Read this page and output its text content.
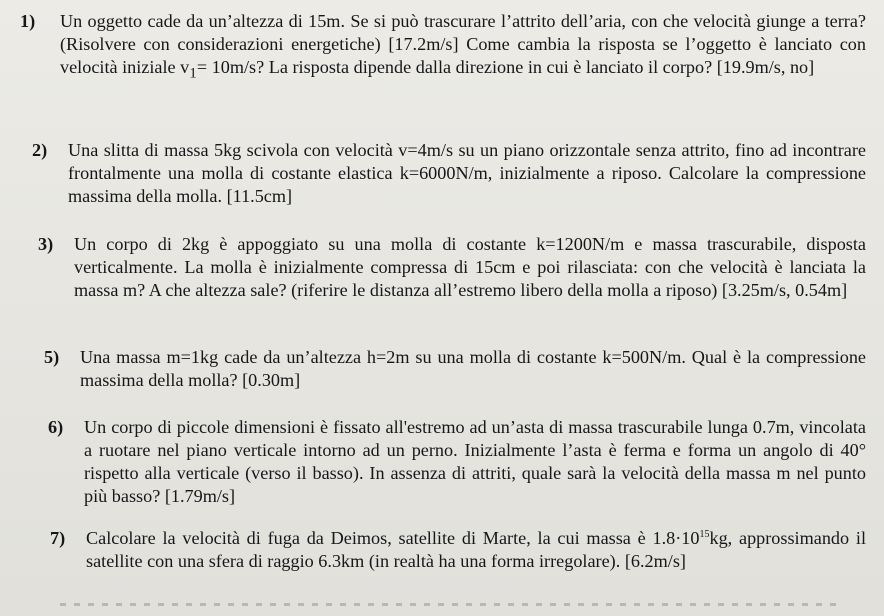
1) Un oggetto cade da un’altezza di 15m. Se si può trascurare l’attrito dell’aria, con che velocità giunge a terra? (Risolvere con considerazioni energetiche) [17.2m/s] Come cambia la risposta se l’oggetto è lanciato con velocità iniziale $v_1= 10m/s$? La risposta dipende dalla direzione in cui è lanciato il corpo? [19.9m/s, no]
2) Una slitta di massa 5kg scivola con velocità v=4m/s su un piano orizzontale senza attrito, fino ad incontrare frontalmente una molla di costante elastica k=6000N/m, inizialmente a riposo. Calcolare la compressione massima della molla. [11.5cm]
3) Un corpo di 2kg è appoggiato su una molla di costante k=1200N/m e massa trascurabile, disposta verticalmente. La molla è inizialmente compressa di 15cm e poi rilasciata: con che velocità è lanciata la massa m? A che altezza sale? (riferire le distanza all’estremo libero della molla a riposo) [3.25m/s, 0.54m]
5) Una massa m=1kg cade da un’altezza h=2m su una molla di costante k=500N/m. Qual è la compressione massima della molla? [0.30m]
6) Un corpo di piccole dimensioni è fissato all'estremo ad un’asta di massa trascurabile lunga 0.7m, vincolata a ruotare nel piano verticale intorno ad un perno. Inizialmente l’asta è ferma e forma un angolo di 40° rispetto alla verticale (verso il basso). In assenza di attriti, quale sarà la velocità della massa m nel punto più basso? [1.79m/s]
7) Calcolare la velocità di fuga da Deimos, satellite di Marte, la cui massa è $1.8\cdot 10^{15}kg$, approssimando il satellite con una sfera di raggio 6.3km (in realtà ha una forma irregolare). [6.2m/s]
